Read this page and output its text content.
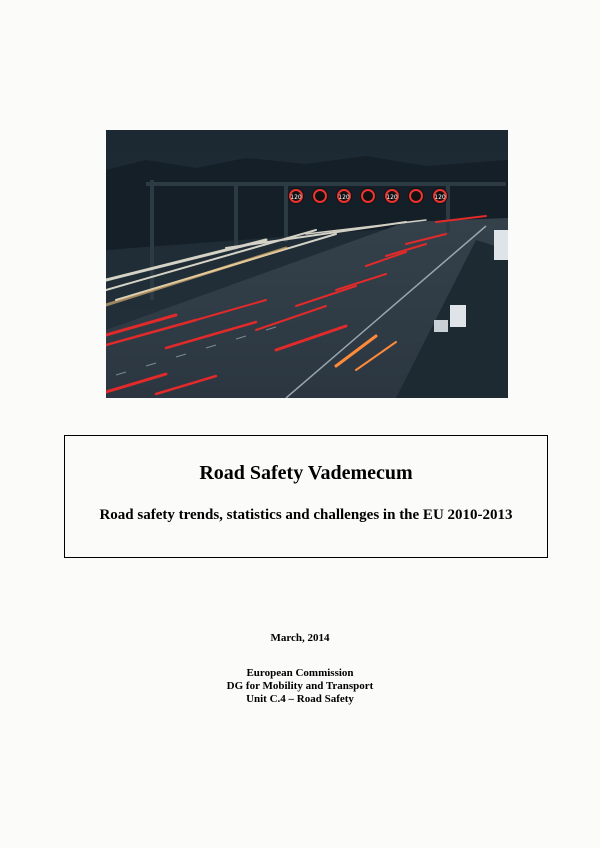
120	120	120	120
Road Safety Vademecum
Road safety trends, statistics and challenges in the EU 2010-2013
March, 2014
European Commission
DG for Mobility and Transport
Unit C.4 – Road Safety
